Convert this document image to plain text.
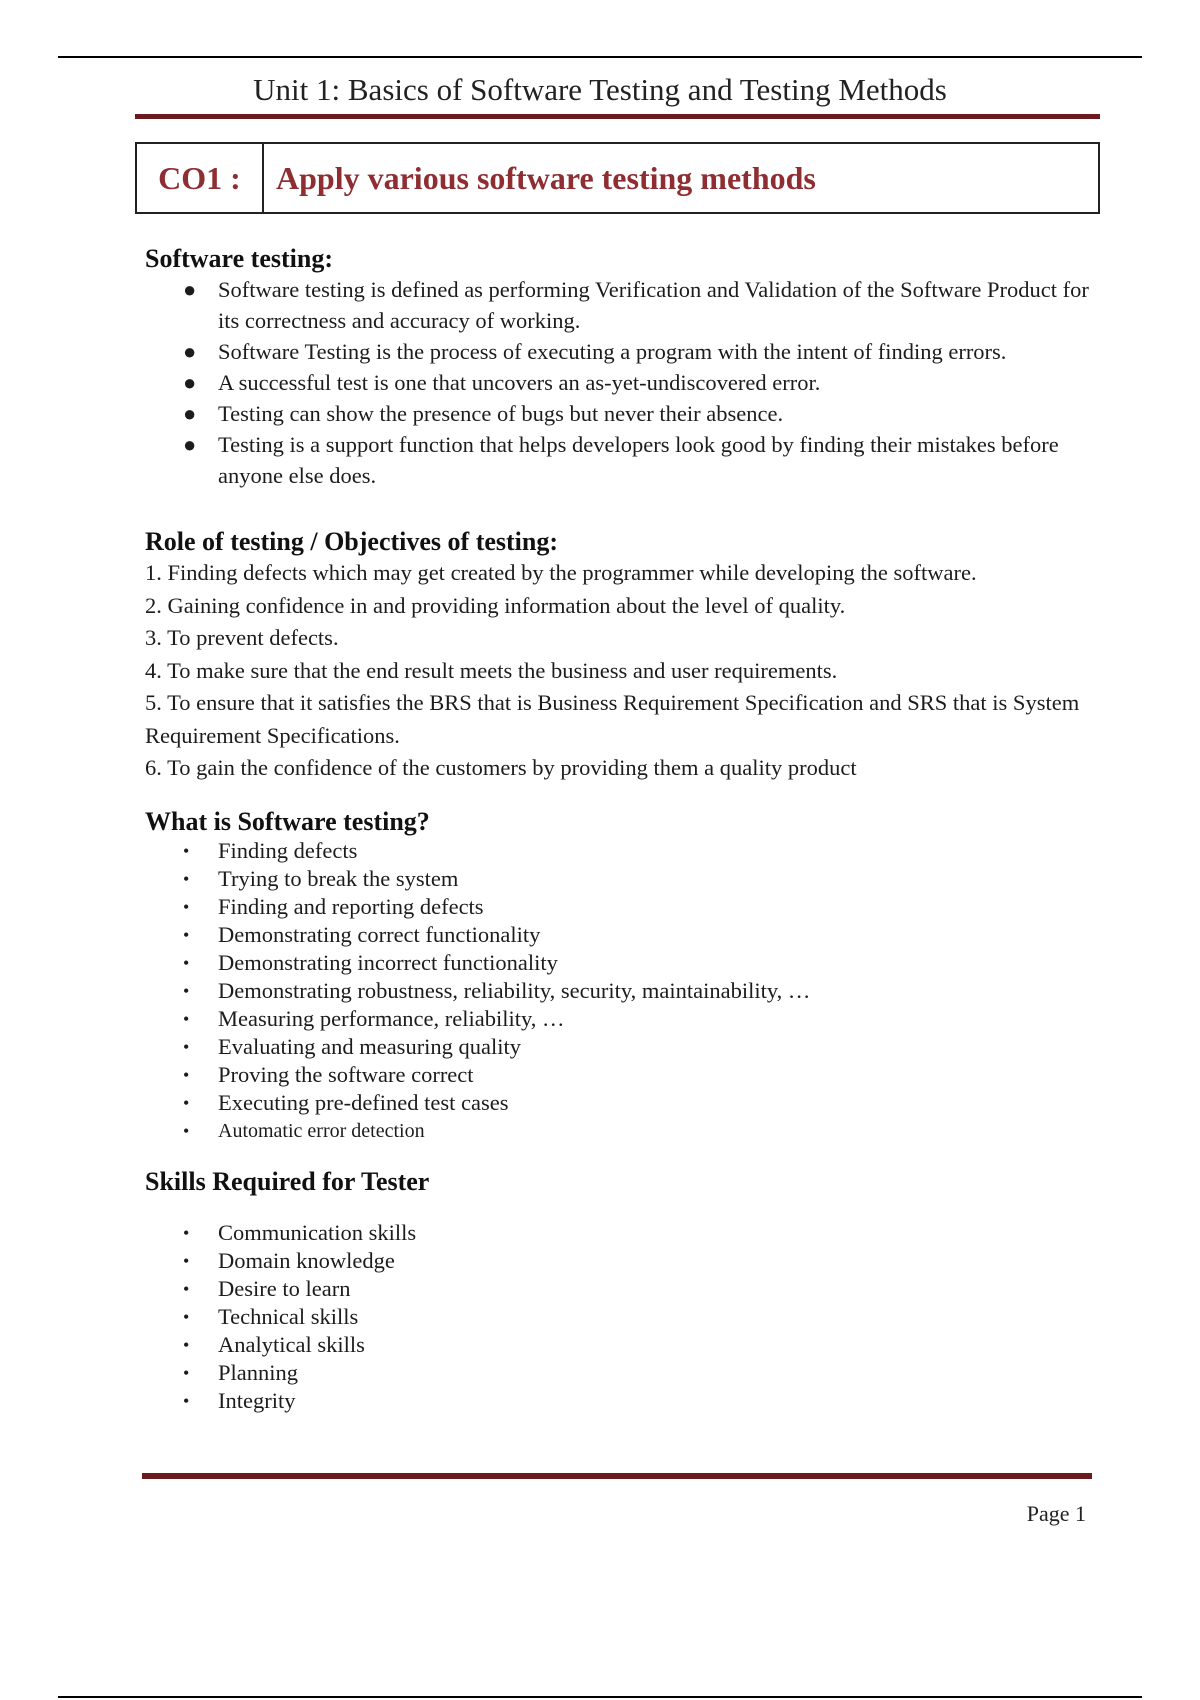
Unit 1: Basics of Software Testing and Testing Methods
CO1 :	Apply various software testing methods
Software testing:
● Software testing is defined as performing Verification and Validation of the Software Product for its correctness and accuracy of working.
● Software Testing is the process of executing a program with the intent of finding errors.
● A successful test is one that uncovers an as-yet-undiscovered error.
● Testing can show the presence of bugs but never their absence.
● Testing is a support function that helps developers look good by finding their mistakes before anyone else does.
Role of testing / Objectives of testing:
1. Finding defects which may get created by the programmer while developing the software.
2. Gaining confidence in and providing information about the level of quality.
3. To prevent defects.
4. To make sure that the end result meets the business and user requirements.
5. To ensure that it satisfies the BRS that is Business Requirement Specification and SRS that is System Requirement Specifications.
6. To gain the confidence of the customers by providing them a quality product
What is Software testing?
• Finding defects
• Trying to break the system
• Finding and reporting defects
• Demonstrating correct functionality
• Demonstrating incorrect functionality
• Demonstrating robustness, reliability, security, maintainability, …
• Measuring performance, reliability, …
• Evaluating and measuring quality
• Proving the software correct
• Executing pre-defined test cases
• Automatic error detection
Skills Required for Tester
• Communication skills
• Domain knowledge
• Desire to learn
• Technical skills
• Analytical skills
• Planning
• Integrity
Page 1
